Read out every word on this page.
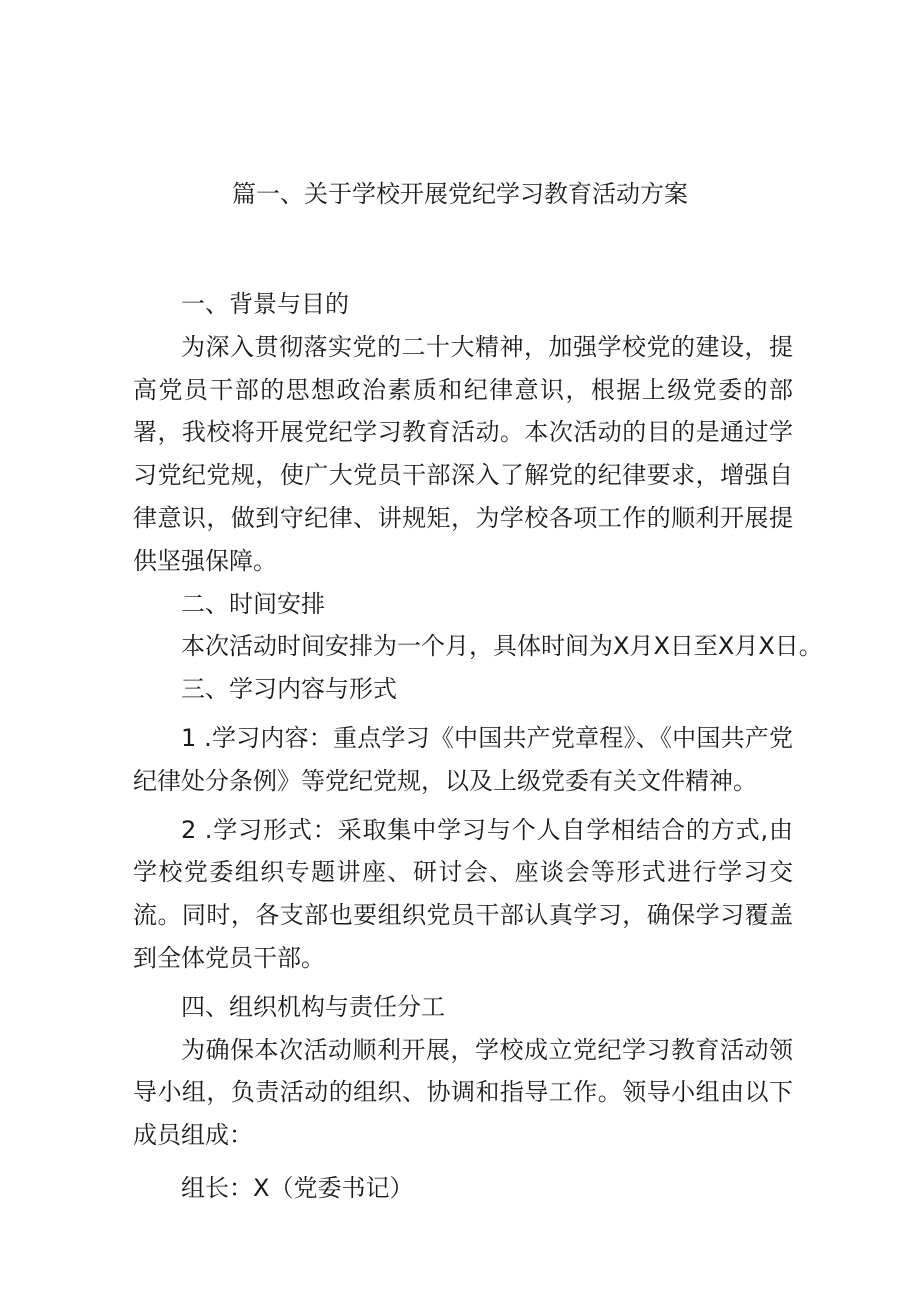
篇一、关于学校开展党纪学习教育活动方案

一、背景与目的

为深入贯彻落实党的二十大精神，加强学校党的建设，提高党员干部的思想政治素质和纪律意识，根据上级党委的部署，我校将开展党纪学习教育活动。本次活动的目的是通过学习党纪党规，使广大党员干部深入了解党的纪律要求，增强自律意识，做到守纪律、讲规矩，为学校各项工作的顺利开展提供坚强保障。

二、时间安排

本次活动时间安排为一个月，具体时间为X月X日至X月X日。

三、学习内容与形式

1 .学习内容：重点学习《中国共产党章程》、《中国共产党纪律处分条例》等党纪党规，以及上级党委有关文件精神。

2 .学习形式：采取集中学习与个人自学相结合的方式,由学校党委组织专题讲座、研讨会、座谈会等形式进行学习交流。同时，各支部也要组织党员干部认真学习，确保学习覆盖到全体党员干部。

四、组织机构与责任分工

为确保本次活动顺利开展，学校成立党纪学习教育活动领导小组，负责活动的组织、协调和指导工作。领导小组由以下成员组成：

组长：X（党委书记）
